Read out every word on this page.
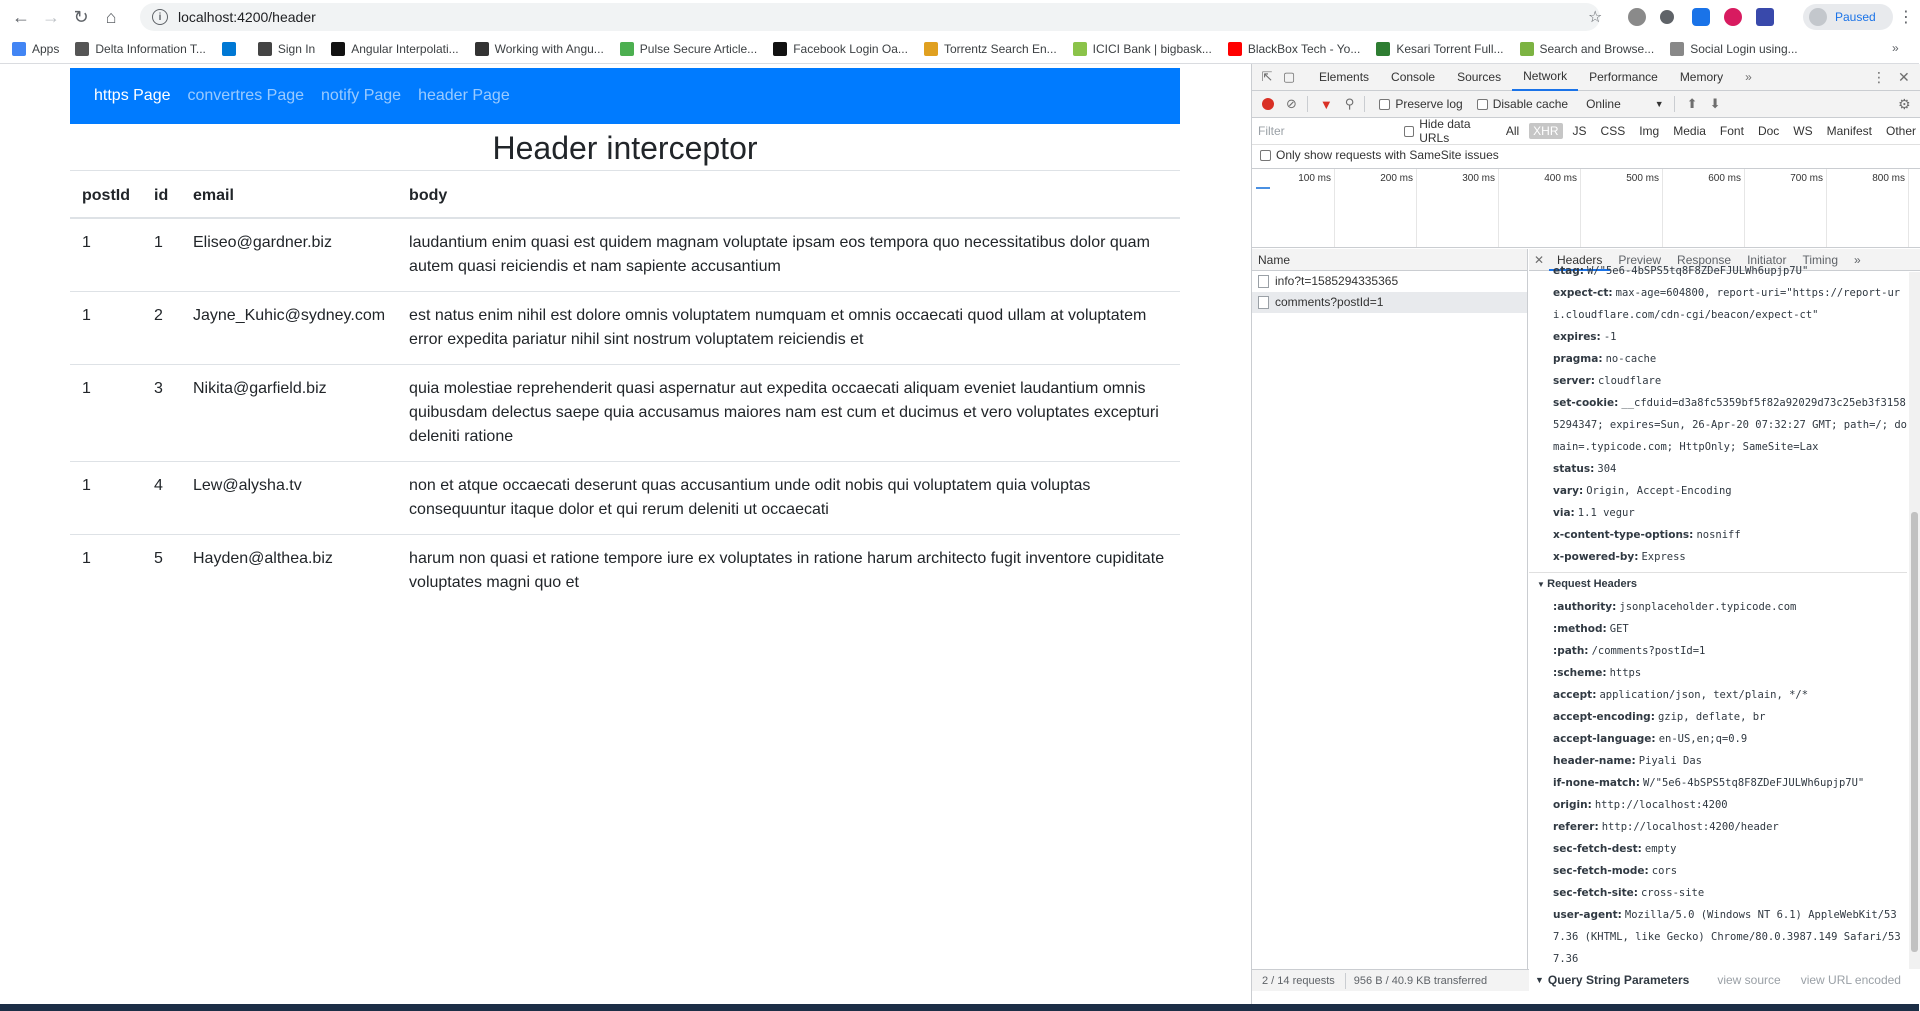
← → ↻ ⌂	i	localhost:4200/header	☆	Paused ⋮
Apps	Delta Information T...	Sign In	Angular Interpolati...	Working with Angu...	Pulse Secure Article...	Facebook Login Oa...	Torrentz Search En...	ICICI Bank | bigbask...	BlackBox Tech - Yo...	Kesari Torrent Full...	Search and Browse...	Social Login using...	»
https Page convertres Page notify Page header Page
Header interceptor
postId	id	email	body
1	1	Eliseo@gardner.biz	laudantium enim quasi est quidem magnam voluptate ipsam eos tempora quo necessitatibus dolor quam autem quasi reiciendis et nam sapiente accusantium
1	2	Jayne_Kuhic@sydney.com	est natus enim nihil est dolore omnis voluptatem numquam et omnis occaecati quod ullam at voluptatem error expedita pariatur nihil sint nostrum voluptatem reiciendis et
1	3	Nikita@garfield.biz	quia molestiae reprehenderit quasi aspernatur aut expedita occaecati aliquam eveniet laudantium omnis quibusdam delectus saepe quia accusamus maiores nam est cum et ducimus et vero voluptates excepturi deleniti ratione
1	4	Lew@alysha.tv	non et atque occaecati deserunt quas accusantium unde odit nobis qui voluptatem quia voluptas consequuntur itaque dolor et qui rerum deleniti ut occaecati
1	5	Hayden@althea.biz	harum non quasi et ratione tempore iure ex voluptates in ratione harum architecto fugit inventore cupiditate voluptates magni quo et
⇱ ▢	Elements	Console	Sources	Network	Performance	Memory	»	⋮ ✕
⊘ ▼ ⚲	Preserve log	Disable cache Online	▼ ⬆ ⬇	⚙
Filter	Hide data URLs	All	XHR	JS	CSS	Img	Media	Font	Doc	WS	Manifest	Other
Only show requests with SameSite issues
100 ms	200 ms	300 ms	400 ms	500 ms	600 ms	700 ms	800 ms
Name
info?t=1585294335365
comments?postId=1
✕	Headers	Preview	Response	Initiator	Timing	»
etag: W/"5e6-4bSPS5tq8F8ZDeFJULWh6upjp7U"
expect-ct: max-age=604800, report-uri="https://report-uri.cloudflare.com/cdn-cgi/beacon/expect-ct"
expires: -1
pragma: no-cache
server: cloudflare
set-cookie: __cfduid=d3a8fc5359bf5f82a92029d73c25eb3f31585294347; expires=Sun, 26-Apr-20 07:32:27 GMT; path=/; domain=.typicode.com; HttpOnly; SameSite=Lax
status: 304
vary: Origin, Accept-Encoding
via: 1.1 vegur
x-content-type-options: nosniff
x-powered-by: Express
▼ Request Headers
:authority: jsonplaceholder.typicode.com
:method: GET
:path: /comments?postId=1
:scheme: https
accept: application/json, text/plain, */*
accept-encoding: gzip, deflate, br
accept-language: en-US,en;q=0.9
header-name: Piyali Das
if-none-match: W/"5e6-4bSPS5tq8F8ZDeFJULWh6upjp7U"
origin: http://localhost:4200
referer: http://localhost:4200/header
sec-fetch-dest: empty
sec-fetch-mode: cors
sec-fetch-site: cross-site
user-agent: Mozilla/5.0 (Windows NT 6.1) AppleWebKit/537.36 (KHTML, like Gecko) Chrome/80.0.3987.149 Safari/537.36
2 / 14 requests 956 B / 40.9 KB transferred	▼ Query String Parameters view source view URL encoded
